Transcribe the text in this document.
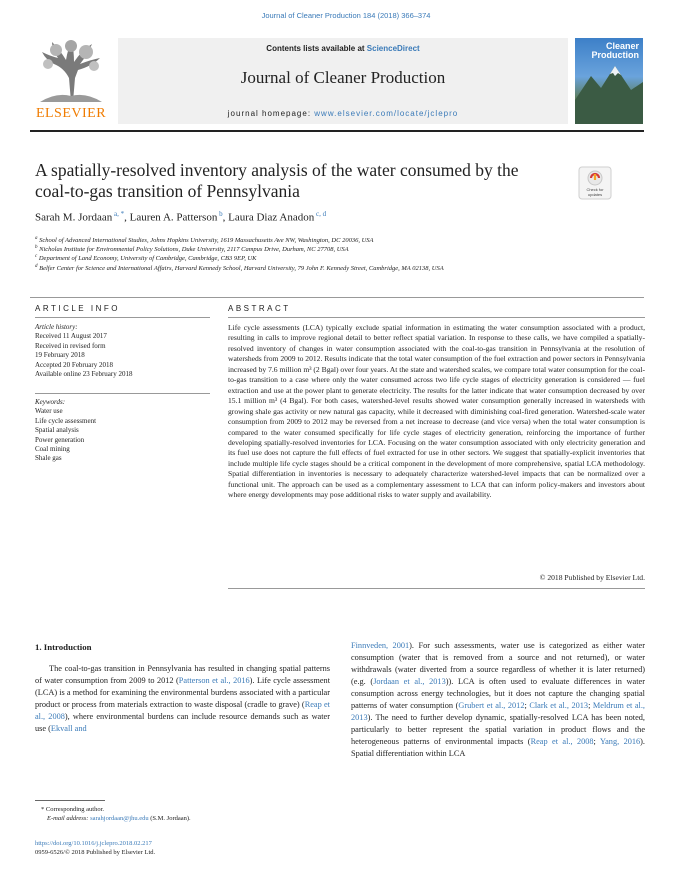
Journal of Cleaner Production 184 (2018) 366–374
ELSEVIER
Contents lists available at ScienceDirect
Journal of Cleaner Production
journal homepage: www.elsevier.com/locate/jclepro
Cleaner
Production
A spatially-resolved inventory analysis of the water consumed by the coal-to-gas transition of Pennsylvania	Check for
updates
Sarah M. Jordaan $^{a, *}$, Lauren A. Patterson $^b$, Laura Diaz Anadon $^{c, d}$
$^a$ School of Advanced International Studies, Johns Hopkins University, 1619 Massachusetts Ave NW, Washington, DC 20036, USA
$^b$ Nicholas Institute for Environmental Policy Solutions, Duke University, 2117 Campus Drive, Durham, NC 27708, USA
$^c$ Department of Land Economy, University of Cambridge, Cambridge, CB3 9EP, UK
$^d$ Belfer Center for Science and International Affairs, Harvard Kennedy School, Harvard University, 79 John F. Kennedy Street, Cambridge, MA 02138, USA
ARTICLE INFO
Article history:
Received 11 August 2017
Received in revised form
19 February 2018
Accepted 20 February 2018
Available online 23 February 2018
Keywords:
Water use
Life cycle assessment
Spatial analysis
Power generation
Coal mining
Shale gas
ABSTRACT
Life cycle assessments (LCA) typically exclude spatial information in estimating the water consumption associated with a product, resulting in calls to improve regional detail to better reflect spatial variation. In response to these calls, we have compiled a spatially-resolved inventory of changes in water consumption associated with the coal-to-gas transition in Pennsylvania at the resolution of watersheds from 2009 to 2012. Results indicate that the total water consumption of the fuel extraction and power sectors in Pennsylvania increased by 7.6 million m³ (2 Bgal) over four years. At the state and watershed scales, we compare total water consumption for the coal-to-gas transition to a case where only the water consumed across two life cycle stages of electricity generation is considered — fuel extraction and use at the power plant to generate electricity. The results for the latter indicate that water consumption decreased by over 15.1 million m³ (4 Bgal). For both cases, watershed-level results showed water consumption generally increased in watersheds with growing shale gas activity or new natural gas capacity, while it decreased with diminishing coal-fired generation. Watershed-scale water consumption from 2009 to 2012 may be reversed from a net increase to decrease (and vice versa) when the total water consumption is compared to the water consumed specifically for life cycle stages of electricity generation, reinforcing the importance of further developing spatially-resolved inventories for LCA. Focusing on the water consumption associated with only electricity generation and its fuel use does not capture the full effects of fuel extracted for use in other sectors. We suggest that spatially-explicit inventories that include multiple life cycle stages should be a critical component in the development of more comprehensive, spatial LCA methodology. Spatial differentiation in inventories is necessary to adequately characterize watershed-level impacts that can be normalized over a functional unit. The approach can be used as a complementary assessment to LCA that can inform policy-makers and investors about where energy developments may pose additional risks to water supply and availability.
© 2018 Published by Elsevier Ltd.
1. Introduction
The coal-to-gas transition in Pennsylvania has resulted in changing spatial patterns of water consumption from 2009 to 2012 (Patterson et al., 2016). Life cycle assessment (LCA) is a method for examining the environmental burdens associated with a particular product or process from materials extraction to waste disposal (cradle to grave) (Reap et al., 2008), where environmental burdens can include resource demands such as water use (Ekvall and
Finnveden, 2001). For such assessments, water use is categorized as either water consumption (water that is removed from a source and not returned), or water withdrawals (water diverted from a source regardless of whether it is later returned) (e.g. (Jordaan et al., 2013)). LCA is often used to evaluate differences in water consumption across energy technologies, but it does not capture the changing spatial patterns of water consumption (Grubert et al., 2012; Clark et al., 2013; Meldrum et al., 2013). The need to further develop dynamic, spatially-resolved LCA has been noted, particularly to better represent the spatial variation in product flows and the heterogeneous patterns of environmental impacts (Reap et al., 2008; Yang, 2016). Spatial differentiation within LCA
* Corresponding author.
E-mail address: sarahjordaan@jhu.edu (S.M. Jordaan).
https://doi.org/10.1016/j.jclepro.2018.02.217
0959-6526/© 2018 Published by Elsevier Ltd.
